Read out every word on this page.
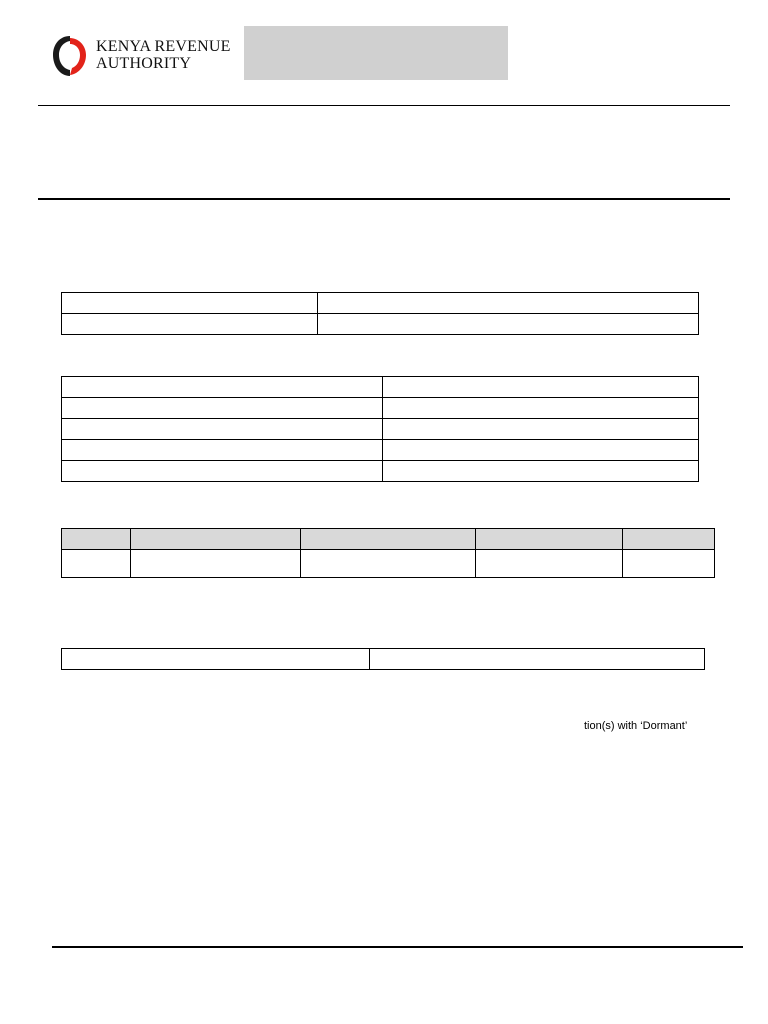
KENYA REVENUE
AUTHORITY

tion(s) with ‘Dormant’
